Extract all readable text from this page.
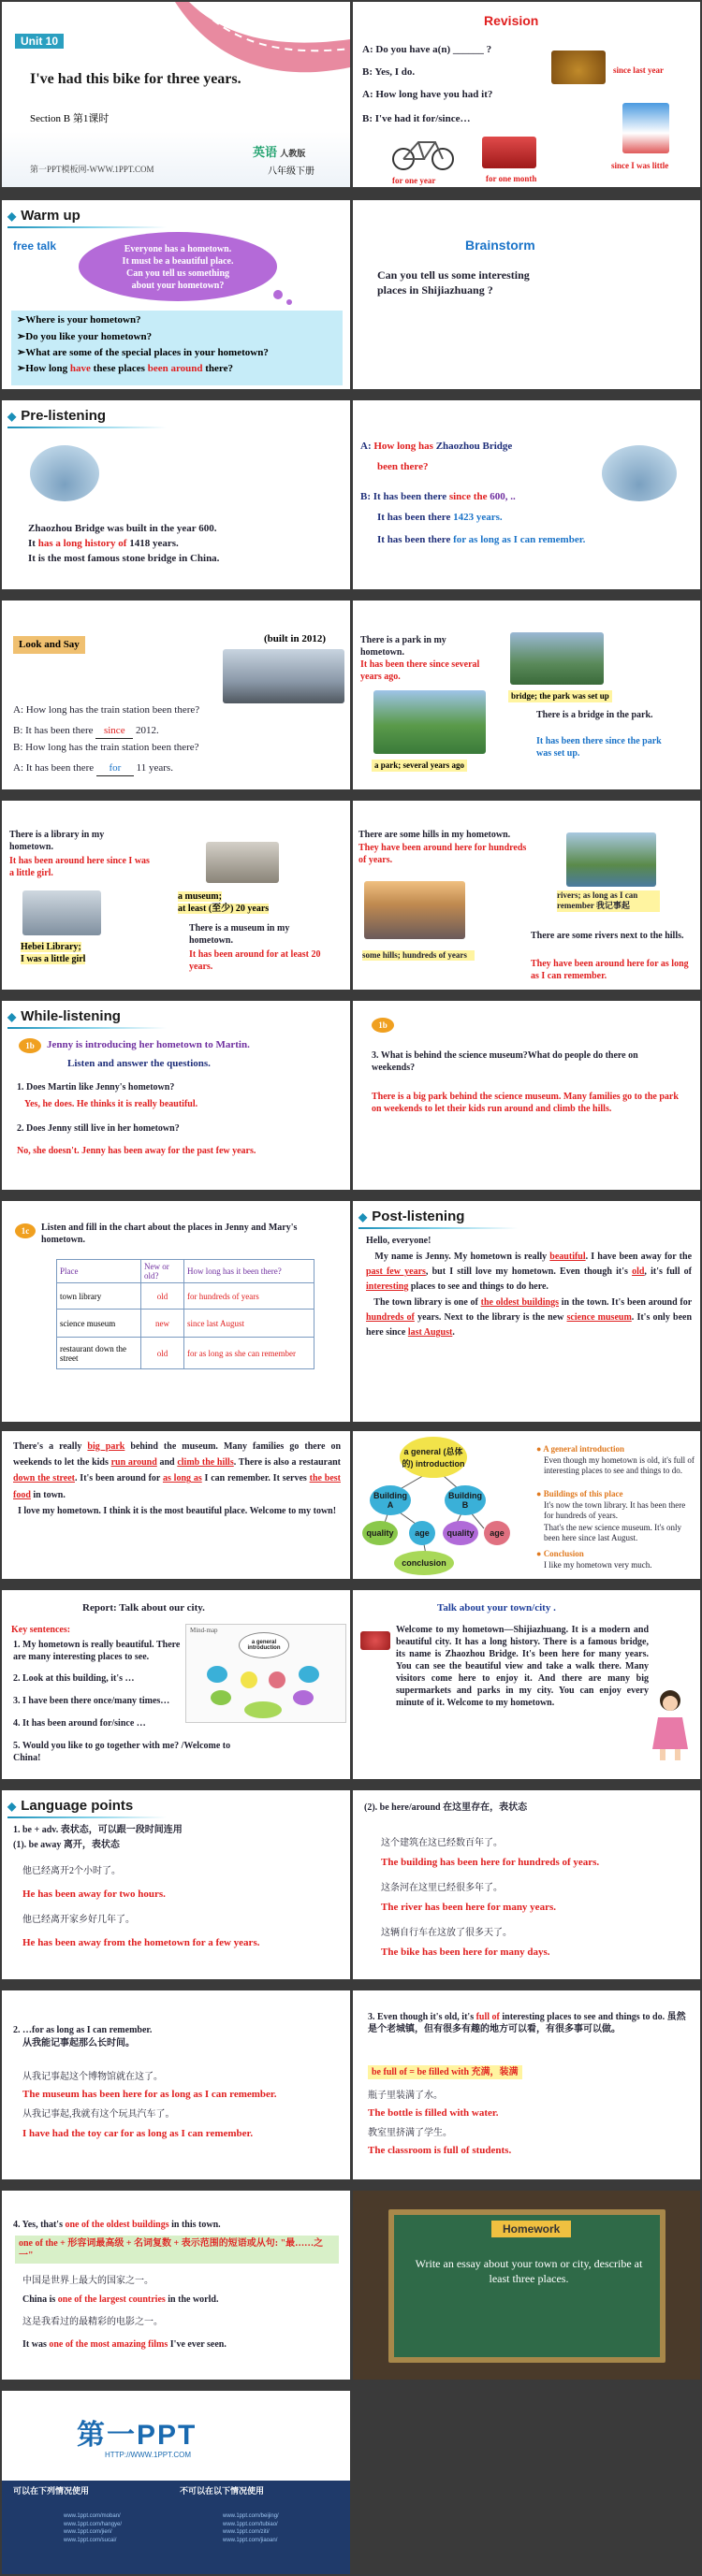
Unit 10
I've had this bike for three years.
Section B 第1课时
第一PPT模板网-WWW.1PPT.COM
英语 人教版
八年级下册
Revision
A: Do you have a(n) ______ ?
B: Yes, I do.
A: How long have you had it?
B: I've had it for/since…
since last year
for one year	for one month
since I was little
◆ Warm up
free talk	Everyone has a hometown.
It must be a beautiful place.
Can you tell us something
about your hometown?
➢Where is your hometown?
➢Do you like your hometown?
➢What are some of the special places in your hometown?
➢How long have these places been around there?
Brainstorm
Can you tell us some interesting
places in Shijiazhuang ?
◆ Pre-listening
Zhaozhou Bridge was built in the year 600.
It has a long history of 1418 years.
It is the most famous stone bridge in China.
A: How long has Zhaozhou Bridge
been there?
B: It has been there since the 600, ..
It has been there 1423 years.
It has been there for as long as I can remember.
Look and Say	(built in 2012)
A: How long has the train station been there?
B: It has been there since 2012.
B: How long has the train station been there?
A: It has been there for 11 years.
There is a park in my hometown.
It has been there since several years ago.
bridge; the park was set up
a park; several years ago
There is a bridge in the park.
It has been there since the park was set up.
There is a library in my hometown.
It has been around here since I was a little girl.
a museum;
at least (至少) 20 years
Hebei Library;
I was a little girl
There is a museum in my hometown.
It has been around for at least 20 years.
There are some hills in my hometown.
They have been around here for hundreds of years.
rivers; as long as I can remember 我记事起
some hills; hundreds of years
There are some rivers next to the hills.
They have been around here for as long as I can remember.
◆ While-listening
1b	Jenny is introducing her hometown to Martin.
Listen and answer the questions.
1. Does Martin like Jenny's hometown?
Yes, he does. He thinks it is really beautiful.
2. Does Jenny still live in her hometown?
No, she doesn't. Jenny has been away for the past few years.
1b
3. What is behind the science museum?What do people do there on weekends?
There is a big park behind the science museum. Many families go to the park on weekends to let their kids run around and climb the hills.
1c	Listen and fill in the chart about the places in Jenny and Mary's hometown.
Place	New or old?	How long has it been there?
town library	old	for hundreds of years
science museum	new	since last August
restaurant down the street	old	for as long as she can remember
◆ Post-listening
Hello, everyone!
My name is Jenny. My hometown is really beautiful. I have been away for the past few years, but I still love my hometown. Even though it's old, it's full of interesting places to see and things to do here.
The town library is one of the oldest buildings in the town. It's been around for hundreds of years. Next to the library is the new science museum. It's only been here since last August.
There's a really big park behind the museum. Many families go there on weekends to let the kids run around and climb the hills. There is also a restaurant down the street. It's been around for as long as I can remember. It serves the best food in town.
I love my hometown. I think it is the most beautiful place. Welcome to my town!
a general (总体的) introduction
Building A
Building B
quality	age	quality	age
conclusion
● A general introduction
Even though my hometown is old, it's full of interesting places to see and things to do.
● Buildings of this place
It's now the town library. It has been there for hundreds of years.
That's the new science museum. It's only been here since last August.
● Conclusion
I like my hometown very much.
Report: Talk about our city.
Key sentences:
1. My hometown is really beautiful. There are many interesting places to see.
2. Look at this building, it's …
3. I have been there once/many times…
4. It has been around for/since …
5. Would you like to go together with me? /Welcome to China!
Mind-map
a general introduction
Talk about your town/city .
Welcome to my hometown—Shijiazhuang. It is a modern and beautiful city. It has a long history. There is a famous bridge, its name is Zhaozhou Bridge. It's been here for many years. You can see the beautiful view and take a walk there. Many visitors come here to enjoy it. And there are many big supermarkets and parks in my city. You can enjoy every minute of it. Welcome to my hometown.
◆ Language points
1. be + adv. 表状态，可以跟一段时间连用
(1). be away 离开，表状态
他已经离开2个小时了。
He has been away for two hours.
他已经离开家乡好几年了。
He has been away from the hometown for a few years.
(2). be here/around 在这里存在，表状态
这个建筑在这已经数百年了。
The building has been here for hundreds of years.
这条河在这里已经很多年了。
The river has been here for many years.
这辆自行车在这放了很多天了。
The bike has been here for many days.
2. …for as long as I can remember.
从我能记事起那么长时间。
从我记事起这个博物馆就在这了。
The museum has been here for as long as I can remember.
从我记事起,我就有这个玩具汽车了。
I have had the toy car for as long as I can remember.
3. Even though it's old, it's full of interesting places to see and things to do. 虽然是个老城镇，但有很多有趣的地方可以看，有很多事可以做。
be full of = be filled with 充满，装满
瓶子里装满了水。
The bottle is filled with water.
教室里挤满了学生。
The classroom is full of students.
4. Yes, that's one of the oldest buildings in this town.
one of the + 形容词最高级 + 名词复数 + 表示范围的短语或从句: "最……之一"
中国是世界上最大的国家之一。
China is one of the largest countries in the world.
这是我看过的最精彩的电影之一。
It was one of the most amazing films I've ever seen.
Homework
Write an essay about your town or city, describe at least three places.
第一PPT
HTTP://WWW.1PPT.COM
可以在下列情况使用	不可以在以下情况使用
www.1ppt.com/moban/
www.1ppt.com/hangye/
www.1ppt.com/jieri/
www.1ppt.com/sucai/
www.1ppt.com/beijing/
www.1ppt.com/tubiao/
www.1ppt.com/ziti/
www.1ppt.com/jiaoan/
